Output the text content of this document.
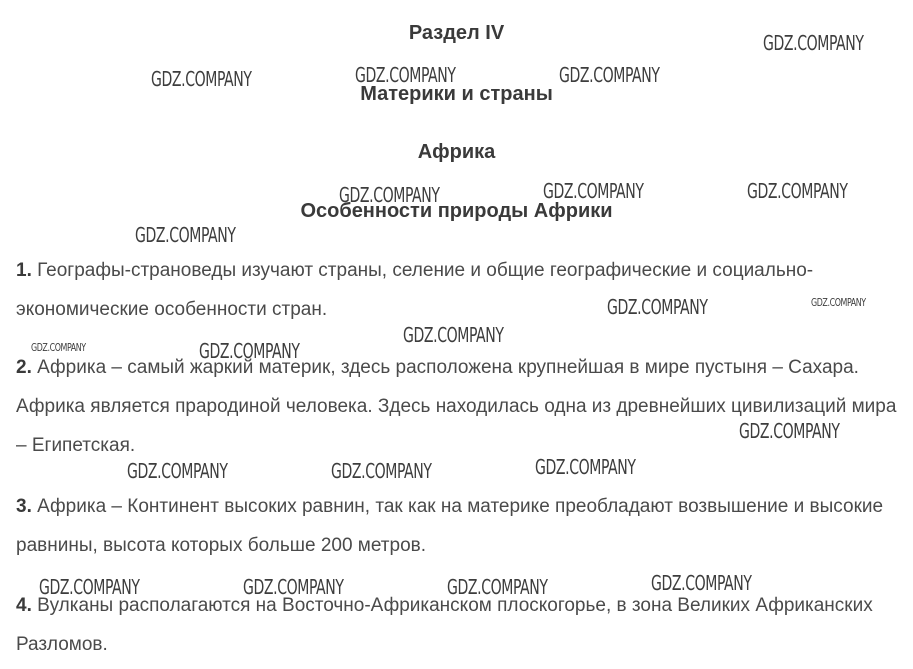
Раздел IV
Материки и страны
Африка
Особенности природы Африки
1. Географы-страноведы изучают страны, селение и общие географические и социально-экономические особенности стран.
2. Африка – самый жаркий материк, здесь расположена крупнейшая в мире пустыня – Сахара. Африка является прародиной человека. Здесь находилась одна из древнейших цивилизаций мира – Египетская.
3. Африка – Континент высоких равнин, так как на материке преобладают возвышение и высокие равнины, высота которых больше 200 метров.
4. Вулканы располагаются на Восточно-Африканском плоскогорье, в зона Великих Африканских Разломов.
GDZ.COMPANY
GDZ.COMPANY	GDZ.COMPANY	GDZ.COMPANY
GDZ.COMPANY	GDZ.COMPANY	GDZ.COMPANY
GDZ.COMPANY
GDZ.COMPANY	GDZ.COMPANY
GDZ.COMPANY
GDZ.COMPANY	GDZ.COMPANY
GDZ.COMPANY
GDZ.COMPANY	GDZ.COMPANY	GDZ.COMPANY
GDZ.COMPANY	GDZ.COMPANY	GDZ.COMPANY	GDZ.COMPANY
